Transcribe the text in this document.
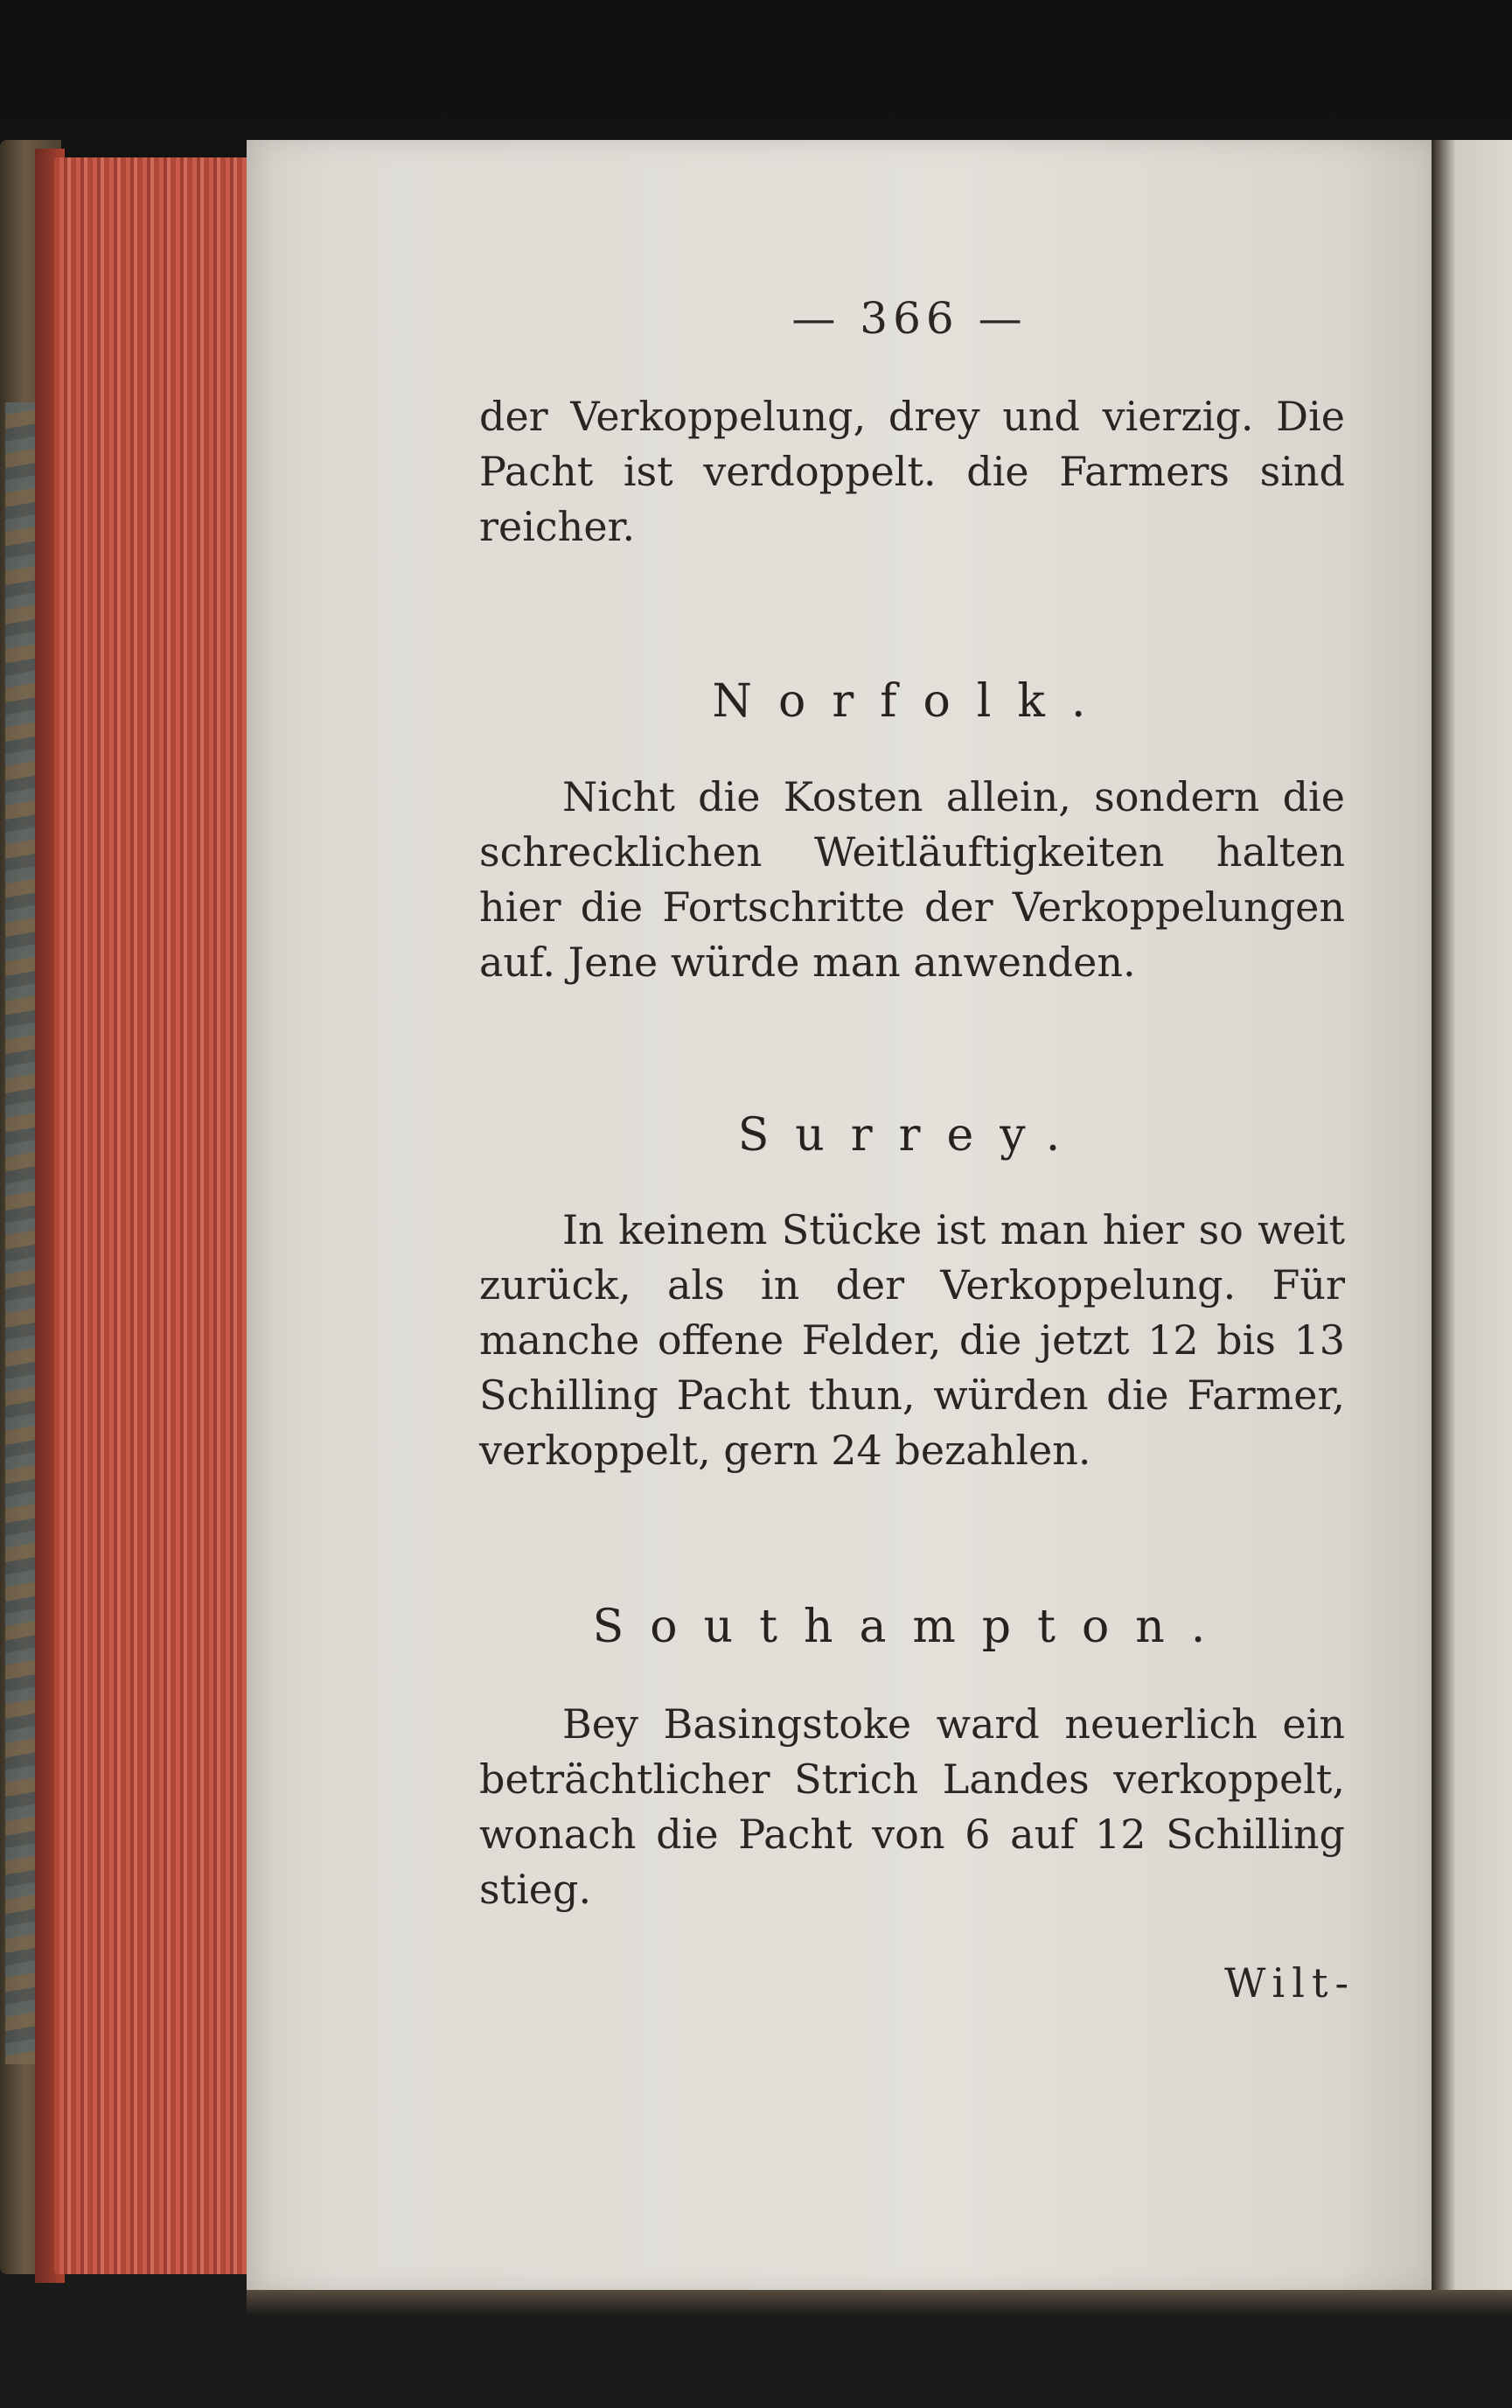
— 366 —
der Verkoppelung, drey und vierzig. Die Pacht ist verdoppelt. die Farmers sind reicher.
Norfolk.
Nicht die Kosten allein, sondern die schrecklichen Weitläuftigkeiten halten hier die Fortschritte der Verkoppelungen auf. Jene würde man anwenden.
Surrey.
In keinem Stücke ist man hier so weit zurück, als in der Verkoppelung. Für manche offene Felder, die jetzt 12 bis 13 Schilling Pacht thun, würden die Farmer, verkoppelt, gern 24 bezahlen.
Southampton.
Bey Basingstoke ward neuerlich ein beträchtlicher Strich Landes verkoppelt, wonach die Pacht von 6 auf 12 Schilling stieg.
Wilt-
